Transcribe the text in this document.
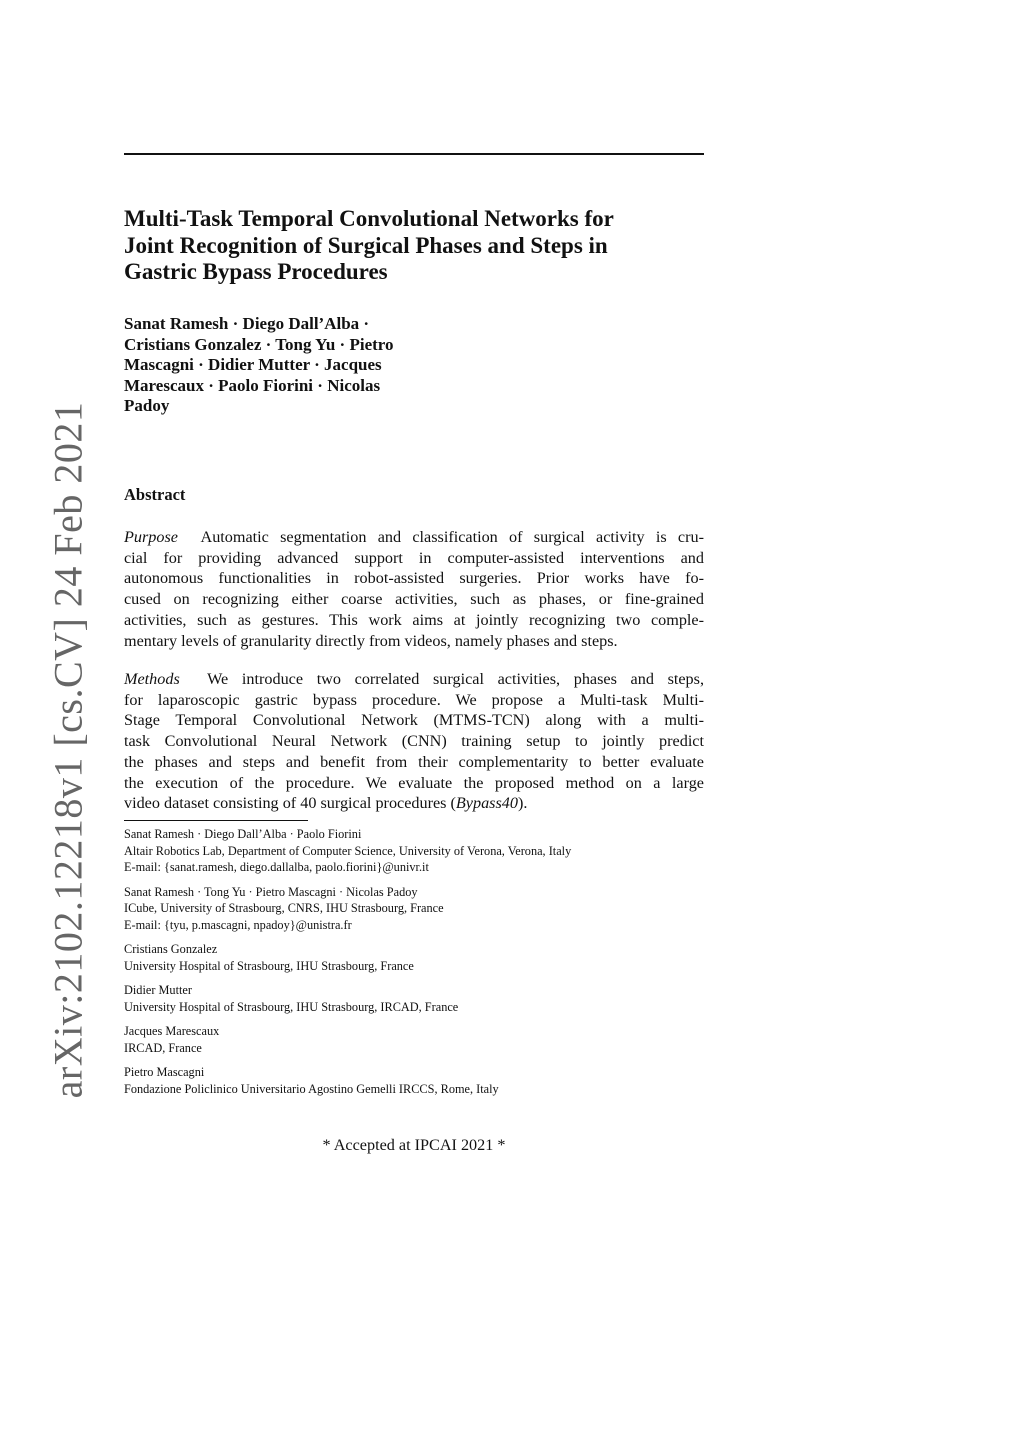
arXiv:2102.12218v1 [cs.CV] 24 Feb 2021
Multi-Task Temporal Convolutional Networks for
Joint Recognition of Surgical Phases and Steps in
Gastric Bypass Procedures
Sanat Ramesh · Diego Dall’Alba ·
Cristians Gonzalez · Tong Yu · Pietro
Mascagni · Didier Mutter · Jacques
Marescaux · Paolo Fiorini · Nicolas
Padoy
Abstract
Purpose Automatic segmentation and classification of surgical activity is cru-
cial for providing advanced support in computer-assisted interventions and
autonomous functionalities in robot-assisted surgeries. Prior works have fo-
cused on recognizing either coarse activities, such as phases, or fine-grained
activities, such as gestures. This work aims at jointly recognizing two comple-
mentary levels of granularity directly from videos, namely phases and steps.
Methods We introduce two correlated surgical activities, phases and steps,
for laparoscopic gastric bypass procedure. We propose a Multi-task Multi-
Stage Temporal Convolutional Network (MTMS-TCN) along with a multi-
task Convolutional Neural Network (CNN) training setup to jointly predict
the phases and steps and benefit from their complementarity to better evaluate
the execution of the procedure. We evaluate the proposed method on a large
video dataset consisting of 40 surgical procedures (Bypass40).
Sanat Ramesh · Diego Dall’Alba · Paolo Fiorini
Altair Robotics Lab, Department of Computer Science, University of Verona, Verona, Italy
E-mail: {sanat.ramesh, diego.dallalba, paolo.fiorini}@univr.it
Sanat Ramesh · Tong Yu · Pietro Mascagni · Nicolas Padoy
ICube, University of Strasbourg, CNRS, IHU Strasbourg, France
E-mail: {tyu, p.mascagni, npadoy}@unistra.fr
Cristians Gonzalez
University Hospital of Strasbourg, IHU Strasbourg, France
Didier Mutter
University Hospital of Strasbourg, IHU Strasbourg, IRCAD, France
Jacques Marescaux
IRCAD, France
Pietro Mascagni
Fondazione Policlinico Universitario Agostino Gemelli IRCCS, Rome, Italy
* Accepted at IPCAI 2021 *
